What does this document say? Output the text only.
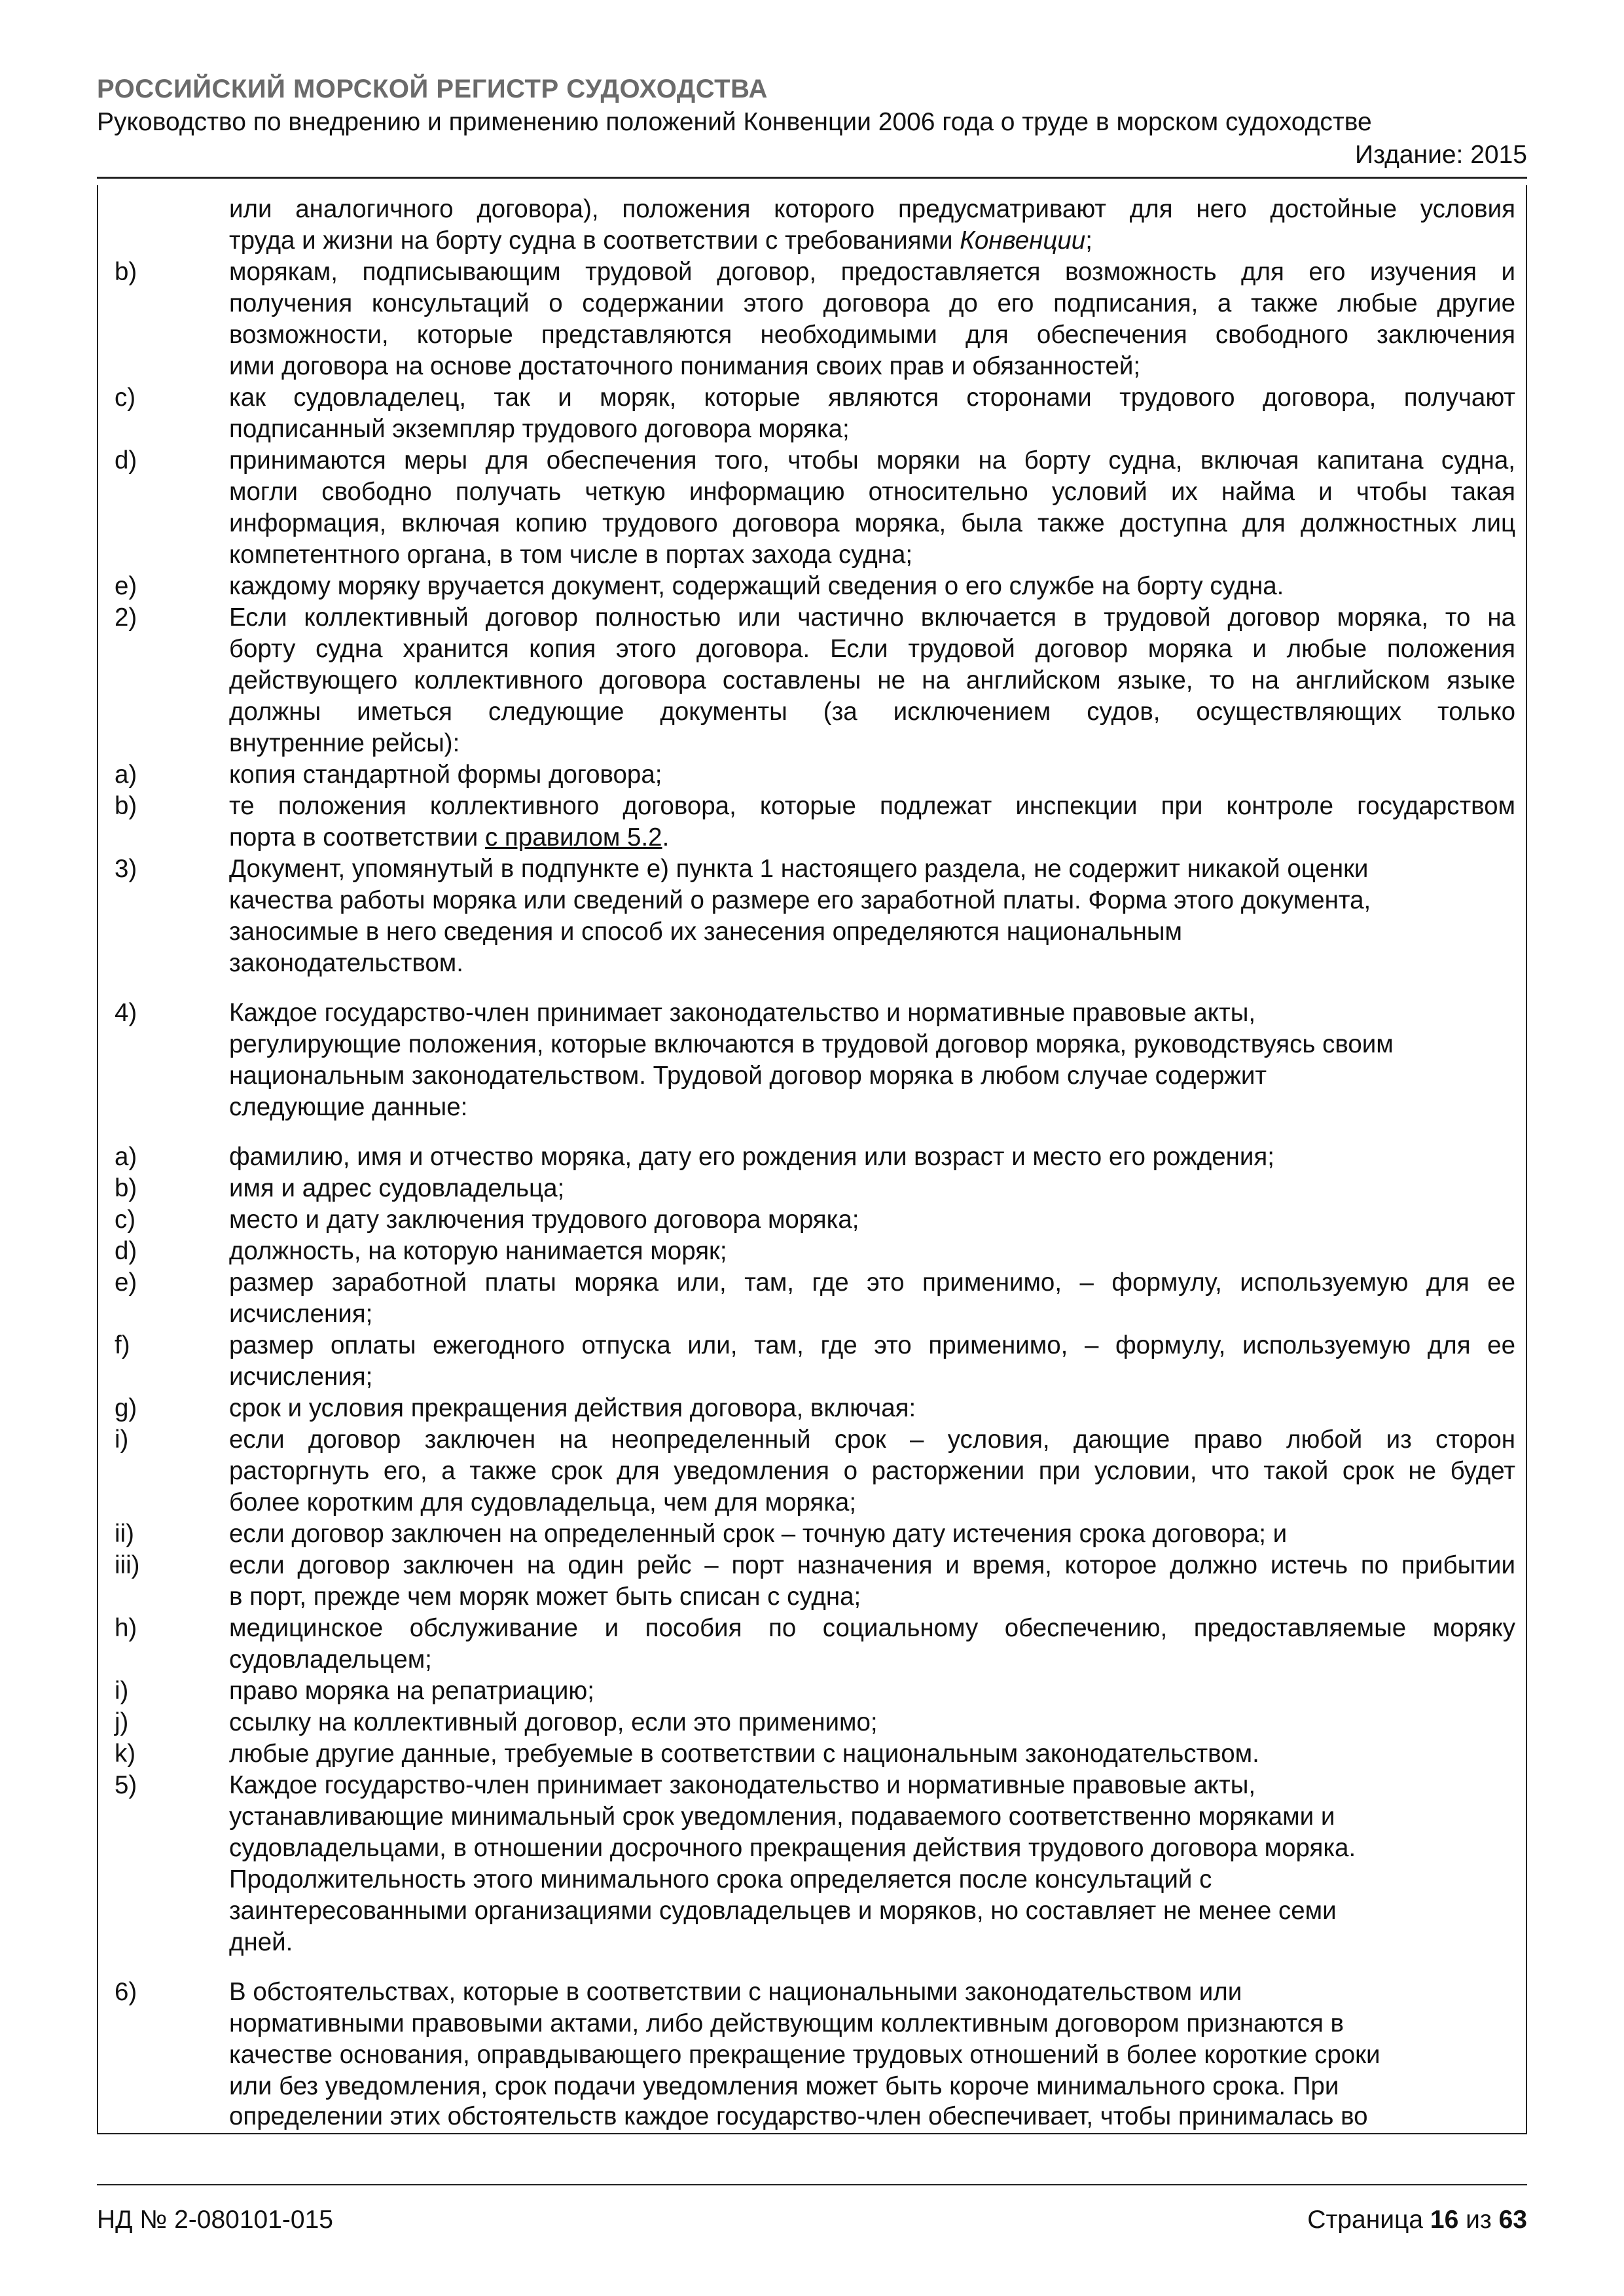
РОССИЙСКИЙ МОРСКОЙ РЕГИСТР СУДОХОДСТВА
Руководство по внедрению и применению положений Конвенции 2006 года о труде в морском судоходстве
Издание: 2015
или аналогичного договора), положения которого предусматривают для него достойные условия
труда и жизни на борту судна в соответствии с требованиями Конвенции;
b)	морякам, подписывающим трудовой договор, предоставляется возможность для его изучения и
получения консультаций о содержании этого договора до его подписания, а также любые другие
возможности, которые представляются необходимыми для обеспечения свободного заключения
ими договора на основе достаточного понимания своих прав и обязанностей;
c)	как судовладелец, так и моряк, которые являются сторонами трудового договора, получают
подписанный экземпляр трудового договора моряка;
d)	принимаются меры для обеспечения того, чтобы моряки на борту судна, включая капитана судна,
могли свободно получать четкую информацию относительно условий их найма и чтобы такая
информация, включая копию трудового договора моряка, была также доступна для должностных лиц
компетентного органа, в том числе в портах захода судна;
e)	каждому моряку вручается документ, содержащий сведения о его службе на борту судна.
2)	Если коллективный договор полностью или частично включается в трудовой договор моряка, то на
борту судна хранится копия этого договора. Если трудовой договор моряка и любые положения
действующего коллективного договора составлены не на английском языке, то на английском языке
должны иметься следующие документы (за исключением судов, осуществляющих только
внутренние рейсы):
a)	копия стандартной формы договора;
b)	те положения коллективного договора, которые подлежат инспекции при контроле государством
порта в соответствии с правилом 5.2.
3)	Документ, упомянутый в подпункте e) пункта 1 настоящего раздела, не содержит никакой оценки
качества работы моряка или сведений о размере его заработной платы. Форма этого документа,
заносимые в него сведения и способ их занесения определяются национальным
законодательством.
4)	Каждое государство-член принимает законодательство и нормативные правовые акты,
регулирующие положения, которые включаются в трудовой договор моряка, руководствуясь своим
национальным законодательством. Трудовой договор моряка в любом случае содержит
следующие данные:
a)	фамилию, имя и отчество моряка, дату его рождения или возраст и место его рождения;
b)	имя и адрес судовладельца;
c)	место и дату заключения трудового договора моряка;
d)	должность, на которую нанимается моряк;
e)	размер заработной платы моряка или, там, где это применимо, – формулу, используемую для ее
исчисления;
f)	размер оплаты ежегодного отпуска или, там, где это применимо, – формулу, используемую для ее
исчисления;
g)	срок и условия прекращения действия договора, включая:
i)	если договор заключен на неопределенный срок – условия, дающие право любой из сторон
расторгнуть его, а также срок для уведомления о расторжении при условии, что такой срок не будет
более коротким для судовладельца, чем для моряка;
ii)	если договор заключен на определенный срок – точную дату истечения срока договора; и
iii)	если договор заключен на один рейс – порт назначения и время, которое должно истечь по прибытии
в порт, прежде чем моряк может быть списан с судна;
h)	медицинское обслуживание и пособия по социальному обеспечению, предоставляемые моряку
судовладельцем;
i)	право моряка на репатриацию;
j)	ссылку на коллективный договор, если это применимо;
k)	любые другие данные, требуемые в соответствии с национальным законодательством.
5)	Каждое государство-член принимает законодательство и нормативные правовые акты,
устанавливающие минимальный срок уведомления, подаваемого соответственно моряками и
судовладельцами, в отношении досрочного прекращения действия трудового договора моряка.
Продолжительность этого минимального срока определяется после консультаций с
заинтересованными организациями судовладельцев и моряков, но составляет не менее семи
дней.
6)	В обстоятельствах, которые в соответствии с национальными законодательством или
нормативными правовыми актами, либо действующим коллективным договором признаются в
качестве основания, оправдывающего прекращение трудовых отношений в более короткие сроки
или без уведомления, срок подачи уведомления может быть короче минимального срока. При
определении этих обстоятельств каждое государство-член обеспечивает, чтобы принималась во
НД № 2-080101-015	Страница 16 из 63
